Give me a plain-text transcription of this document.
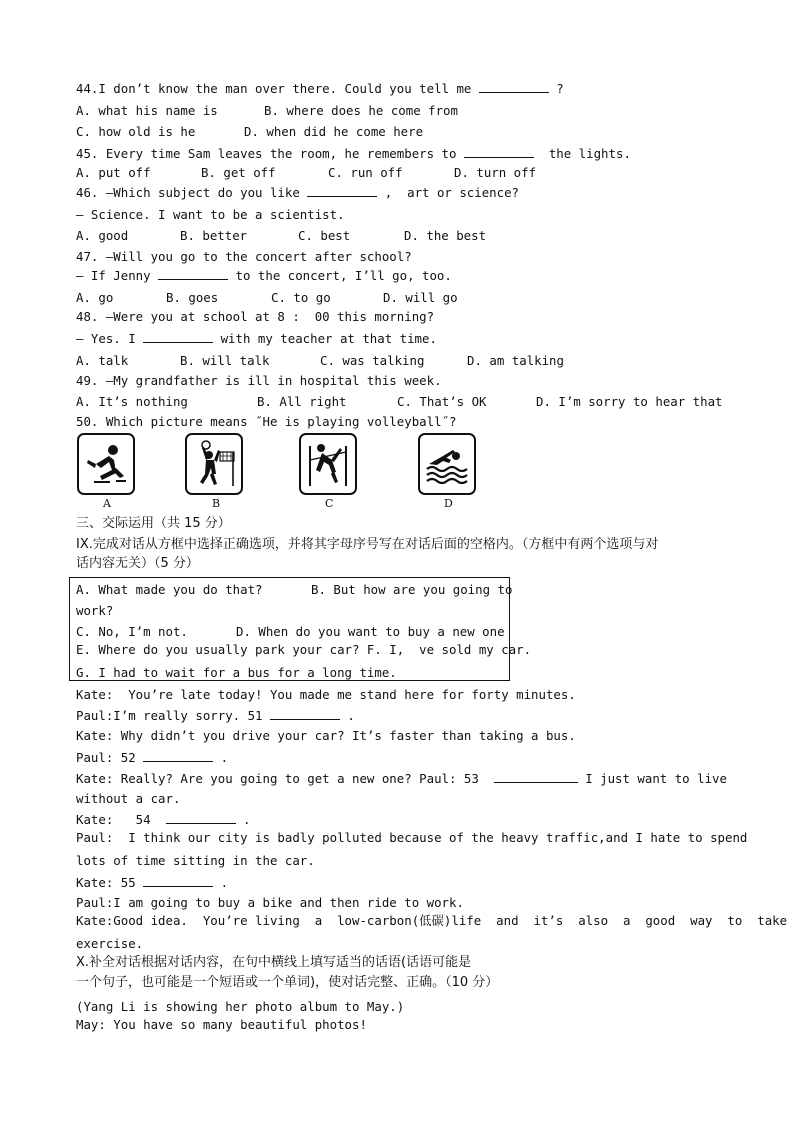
44.I don’t know the man over there. Could you tell me	?

A. what his name is

	B. where does he come from

C. how old is he

	D. when did he come here

45. Every time Sam leaves the room, he remembers to	the lights.

A. put off

	B. get off

	C. run off

	D. turn off

46. —Which subject do you like	,  art or science?
— Science. I want to be a scientist.

A. good

	B. better

	C. best

	D. the best

47. —Will you go to the concert after school?
— If Jenny	to the concert, I’ll go, too.

A. go

	B. goes

	C. to go

	D. will go

48. —Were you at school at 8 :  00 this morning?
— Yes. I	with my teacher at that time.

A. talk

	B. will talk

	C. was talking

	D. am talking

49. —My grandfather is ill in hospital this week.

A. It’s nothing

	B. All right

	C. That’s OK

	D. I’m sorry to hear that

50. Which picture means ˝He is playing volleyball˝?
A	B	C	D
三、交际运用（共 15 分）
IX.完成对话从方框中选择正确选项，并将其字母序号写在对话后面的空格内。（方框中有两个选项与对
话内容无关）（5 分）

A. What made you do that?

	B. But how are you going to

work?

C. No, I’m not.

	D. When do you want to buy a new one

E. Where do you usually park your car? F. I,  ve sold my car.
G. I had to wait for a bus for a long time.
Kate:  You’re late today! You made me stand here for forty minutes.
Paul:I’m really sorry. 51	.
Kate: Why didn’t you drive your car? It’s faster than taking a bus.
Paul: 52	.
Kate: Really? Are you going to get a new one? Paul: 53	I just want to live
without a car.
Kate:   54	.
Paul:  I think our city is badly polluted because of the heavy traffic,and I hate to spend
lots of time sitting in the car.
Kate: 55	.
Paul:I am going to buy a bike and then ride to work.
Kate:Good idea.  You’re living  a  low-carbon(低碳)life  and  it’s  also  a  good  way  to  take
exercise.
X.补全对话根据对话内容，在句中横线上填写适当的话语(话语可能是
一个句子，也可能是一个短语或一个单词)，使对话完整、正确。（10 分）
(Yang Li is showing her photo album to May.)
May: You have so many beautiful photos!
